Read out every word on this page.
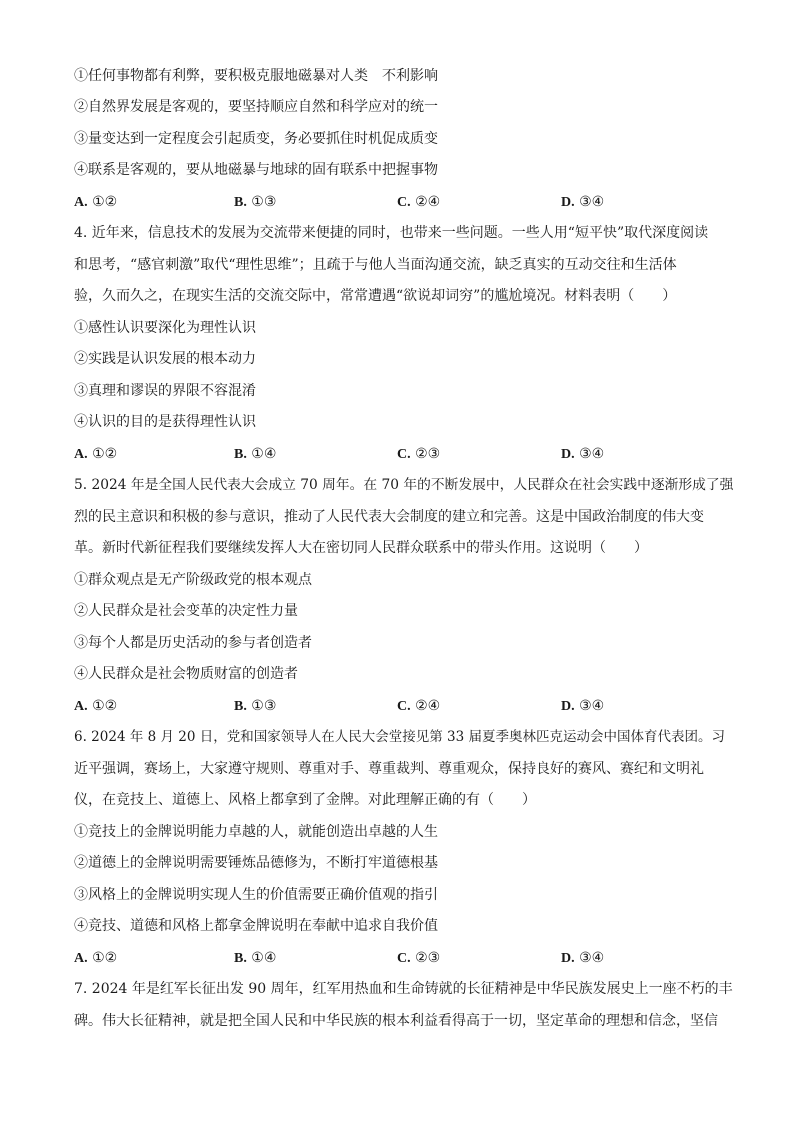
①任何事物都有利弊，要积极克服地磁暴对人类　不利影响
②自然界发展是客观的，要坚持顺应自然和科学应对的统一
③量变达到一定程度会引起质变，务必要抓住时机促成质变
④联系是客观的，要从地磁暴与地球的固有联系中把握事物
A. ①②	B. ①③	C. ②④	D. ③④
4. 近年来，信息技术的发展为交流带来便捷的同时，也带来一些问题。一些人用“短平快”取代深度阅读
和思考，“感官刺激”取代“理性思维”；且疏于与他人当面沟通交流，缺乏真实的互动交往和生活体
验，久而久之，在现实生活的交流交际中，常常遭遇“欲说却词穷”的尴尬境况。材料表明（　　）
①感性认识要深化为理性认识
②实践是认识发展的根本动力
③真理和谬误的界限不容混淆
④认识的目的是获得理性认识
A. ①②	B. ①④	C. ②③	D. ③④
5. 2024 年是全国人民代表大会成立 70 周年。在 70 年的不断发展中，人民群众在社会实践中逐渐形成了强
烈的民主意识和积极的参与意识，推动了人民代表大会制度的建立和完善。这是中国政治制度的伟大变
革。新时代新征程我们要继续发挥人大在密切同人民群众联系中的带头作用。这说明（　　）
①群众观点是无产阶级政党的根本观点
②人民群众是社会变革的决定性力量
③每个人都是历史活动的参与者创造者
④人民群众是社会物质财富的创造者
A. ①②	B. ①③	C. ②④	D. ③④
6. 2024 年 8 月 20 日，党和国家领导人在人民大会堂接见第 33 届夏季奥林匹克运动会中国体育代表团。习
近平强调，赛场上，大家遵守规则、尊重对手、尊重裁判、尊重观众，保持良好的赛风、赛纪和文明礼
仪，在竞技上、道德上、风格上都拿到了金牌。对此理解正确的有（　　）
①竞技上的金牌说明能力卓越的人，就能创造出卓越的人生
②道德上的金牌说明需要锤炼品德修为，不断打牢道德根基
③风格上的金牌说明实现人生的价值需要正确价值观的指引
④竞技、道德和风格上都拿金牌说明在奉献中追求自我价值
A. ①②	B. ①④	C. ②③	D. ③④
7. 2024 年是红军长征出发 90 周年，红军用热血和生命铸就的长征精神是中华民族发展史上一座不朽的丰
碑。伟大长征精神，就是把全国人民和中华民族的根本利益看得高于一切，坚定革命的理想和信念，坚信
